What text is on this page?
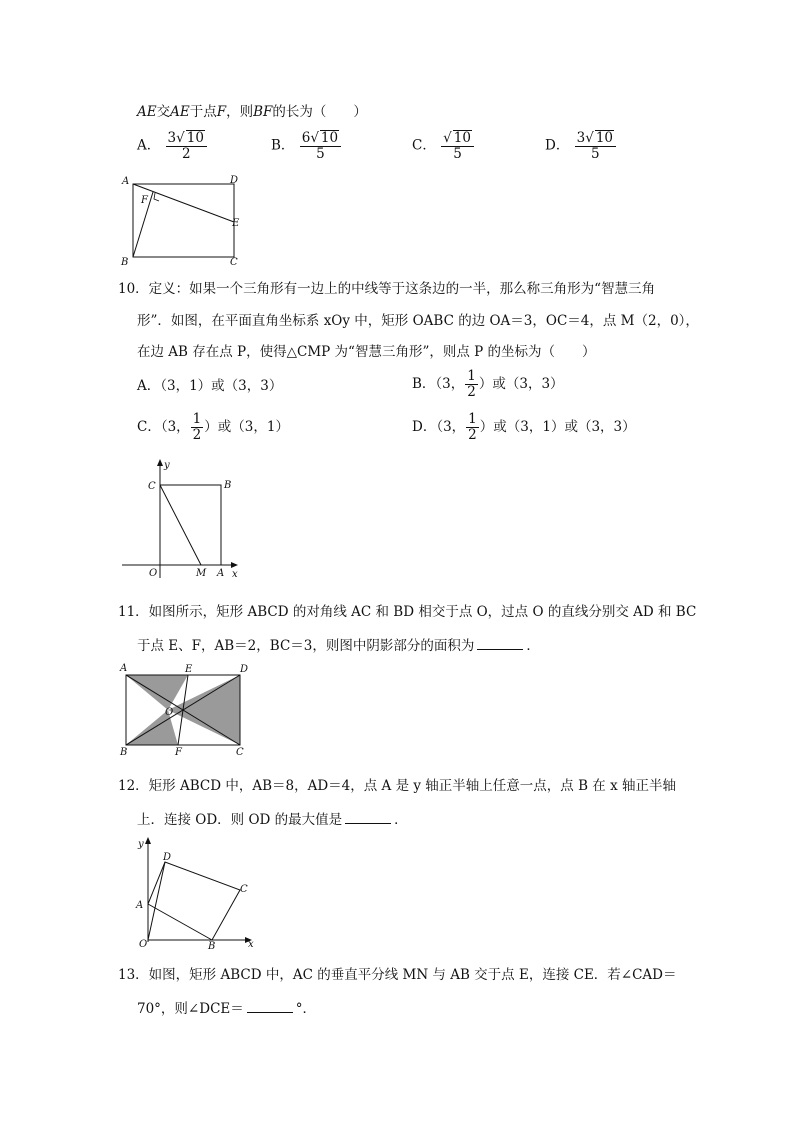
AE交AE于点F，则BF的长为（　　）
A． $\frac{3√ 10}{2}$	B． $\frac{6√ 10}{5}$	C． $\frac{√ 10}{5}$	D． $\frac{3√ 10}{5}$
A	D
E
F
B	C
10．定义：如果一个三角形有一边上的中线等于这条边的一半，那么称三角形为“智慧三角
形”．如图，在平面直角坐标系 xOy 中，矩形 OABC 的边 OA＝3，OC＝4，点 M（2，0），
在边 AB 存在点 P，使得△CMP 为“智慧三角形”，则点 P 的坐标为（　　）
A．（3，1）或（3，3）	B．（3， $\frac{1}{2}$ ）或（3，3）
C．（3， $\frac{1}{2}$ ）或（3，1）	D．（3， $\frac{1}{2}$ ）或（3，1）或（3，3）
y
C	B
O	M A x
11．如图所示，矩形 ABCD 的对角线 AC 和 BD 相交于点 O，过点 O 的直线分别交 AD 和 BC
于点 E、F，AB＝2，BC＝3，则图中阴影部分的面积为	．
A	E	D
O
B	F	C
12．矩形 ABCD 中，AB＝8，AD＝4，点 A 是 y 轴正半轴上任意一点，点 B 在 x 轴正半轴
上．连接 OD．则 OD 的最大值是	．
y
D
C
A
O	B	x
13．如图，矩形 ABCD 中，AC 的垂直平分线 MN 与 AB 交于点 E，连接 CE．若∠CAD＝
70°，则∠DCE＝	°．
